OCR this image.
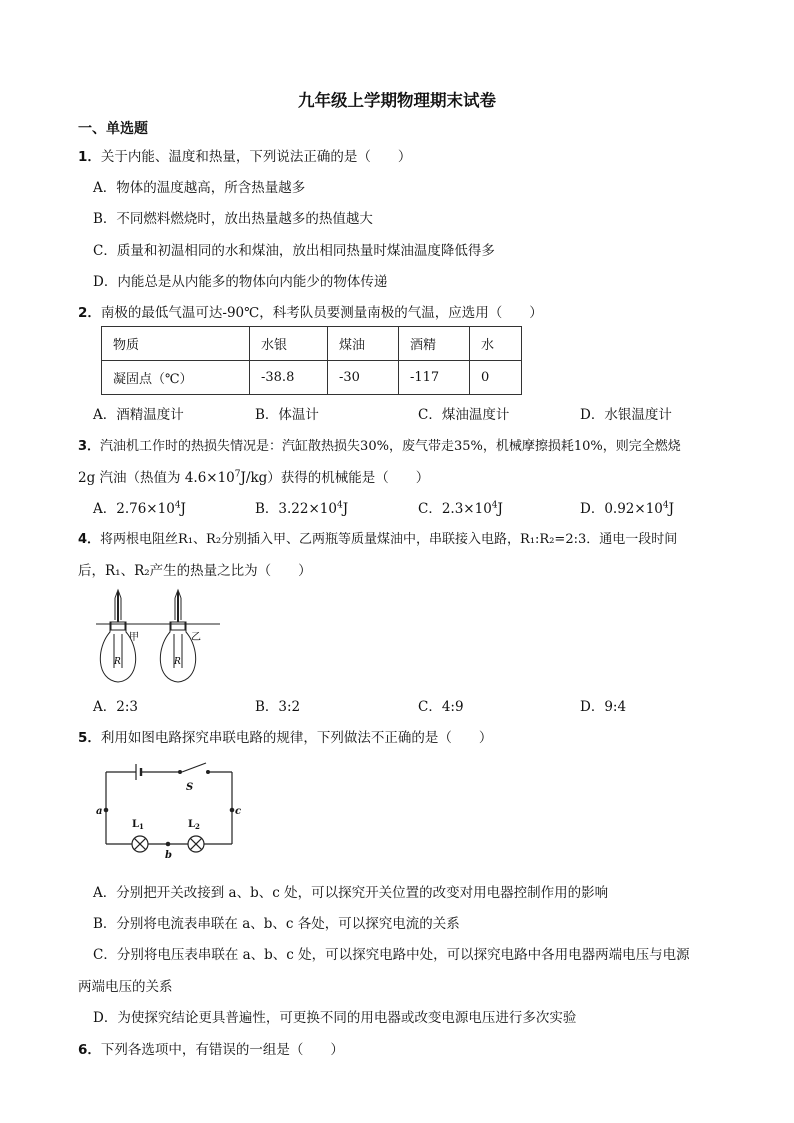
九年级上学期物理期末试卷
一、单选题
1．关于内能、温度和热量，下列说法正确的是（　　）
A．物体的温度越高，所含热量越多
B．不同燃料燃烧时，放出热量越多的热值越大
C．质量和初温相同的水和煤油，放出相同热量时煤油温度降低得多
D．内能总是从内能多的物体向内能少的物体传递
2．南极的最低气温可达-90℃，科考队员要测量南极的气温，应选用（　　）
物质	水银	煤油	酒精	水
凝固点（℃）	-38.8	-30	-117	0
A．酒精温度计	B．体温计	C．煤油温度计	D．水银温度计
3．汽油机工作时的热损失情况是：汽缸散热损失30%，废气带走35%，机械摩擦损耗10%，则完全燃烧
2g 汽油（热值为 $4.6\times 10^7J/kg$）获得的机械能是（　　）
A．$2.76\times 10^4J$	B．$3.22\times 10^4J$	C．$2.3\times 10^4J$	D．$0.92\times 10^4J$
4．将两根电阻丝R₁、R₂分别插入甲、乙两瓶等质量煤油中，串联接入电路，R₁:R₂=2:3．通电一段时间
后，R₁、R₂产生的热量之比为（　　）
甲	乙
R	R
A．2:3	B．3:2	C．4:9	D．9:4
5．利用如图电路探究串联电路的规律，下列做法不正确的是（　　）
S
a	c
b
$L_1$	$L_2$
A．分别把开关改接到 a、b、c 处，可以探究开关位置的改变对用电器控制作用的影响
B．分别将电流表串联在 a、b、c 各处，可以探究电流的关系
C．分别将电压表串联在 a、b、c 处，可以探究电路中处，可以探究电路中各用电器两端电压与电源
两端电压的关系
D．为使探究结论更具普遍性，可更换不同的用电器或改变电源电压进行多次实验
6．下列各选项中，有错误的一组是（　　）
